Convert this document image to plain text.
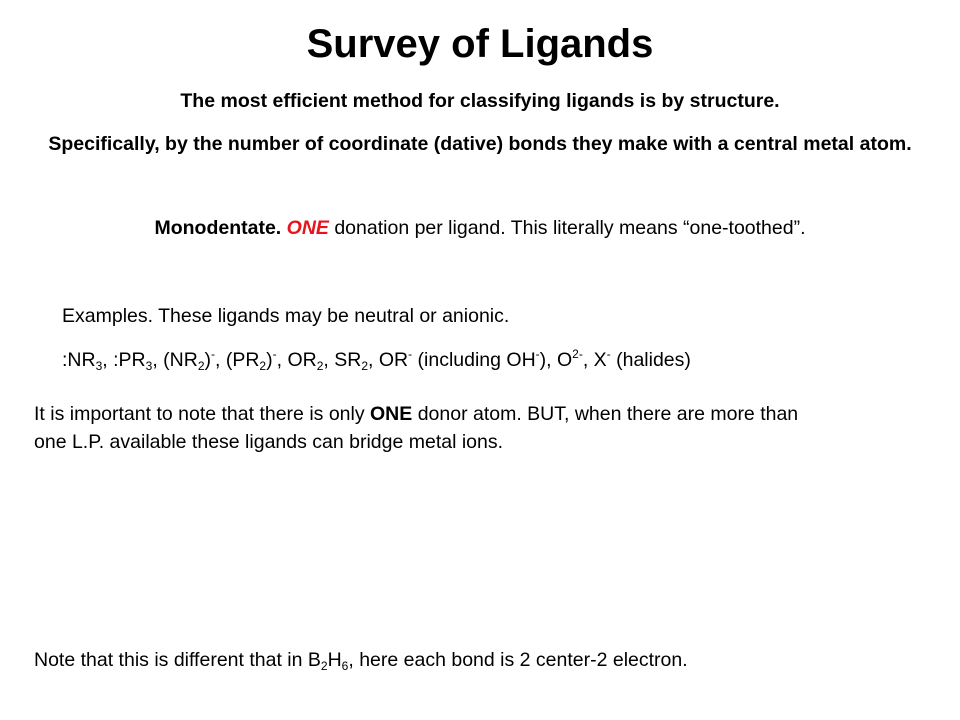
Survey of Ligands
The most efficient method for classifying ligands is by structure.
Specifically, by the number of coordinate (dative) bonds they make with a central metal atom.
Monodentate. ONE donation per ligand. This literally means “one-toothed”.
Examples. These ligands may be neutral or anionic.
$:NR_3$, $:PR_3$, $(NR_2)^-$, $(PR_2)^-$, $OR_2$, $SR_2$, OR- (including OH-), $O^{2-}$, X- (halides)
It is important to note that there is only ONE donor atom. BUT, when there are more than one L.P. available these ligands can bridge metal ions.
Note that this is different that in $B_2H_6$, here each bond is 2 center-2 electron.
